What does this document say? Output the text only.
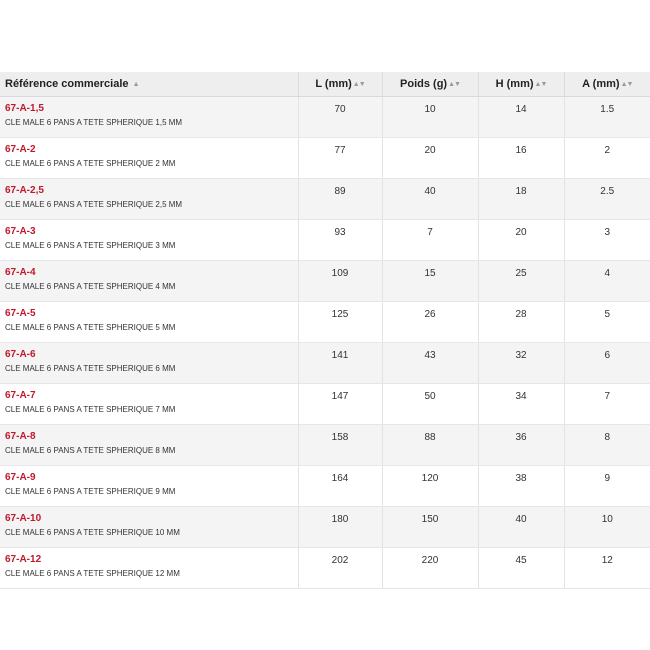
Référence commerciale ▲	L (mm)▲▼	Poids (g)▲▼	H (mm)▲▼	A (mm)▲▼

67-A-1,5
CLE MALE 6 PANS A TETE SPHERIQUE 1,5 MM	70	10	14	1.5

67-A-2
CLE MALE 6 PANS A TETE SPHERIQUE 2 MM	77	20	16	2

67-A-2,5
CLE MALE 6 PANS A TETE SPHERIQUE 2,5 MM	89	40	18	2.5

67-A-3
CLE MALE 6 PANS A TETE SPHERIQUE 3 MM	93	7	20	3

67-A-4
CLE MALE 6 PANS A TETE SPHERIQUE 4 MM	109	15	25	4

67-A-5
CLE MALE 6 PANS A TETE SPHERIQUE 5 MM	125	26	28	5

67-A-6
CLE MALE 6 PANS A TETE SPHERIQUE 6 MM	141	43	32	6

67-A-7
CLE MALE 6 PANS A TETE SPHERIQUE 7 MM	147	50	34	7

67-A-8
CLE MALE 6 PANS A TETE SPHERIQUE 8 MM	158	88	36	8

67-A-9
CLE MALE 6 PANS A TETE SPHERIQUE 9 MM	164	120	38	9

67-A-10
CLE MALE 6 PANS A TETE SPHERIQUE 10 MM	180	150	40	10

67-A-12
CLE MALE 6 PANS A TETE SPHERIQUE 12 MM	202	220	45	12
